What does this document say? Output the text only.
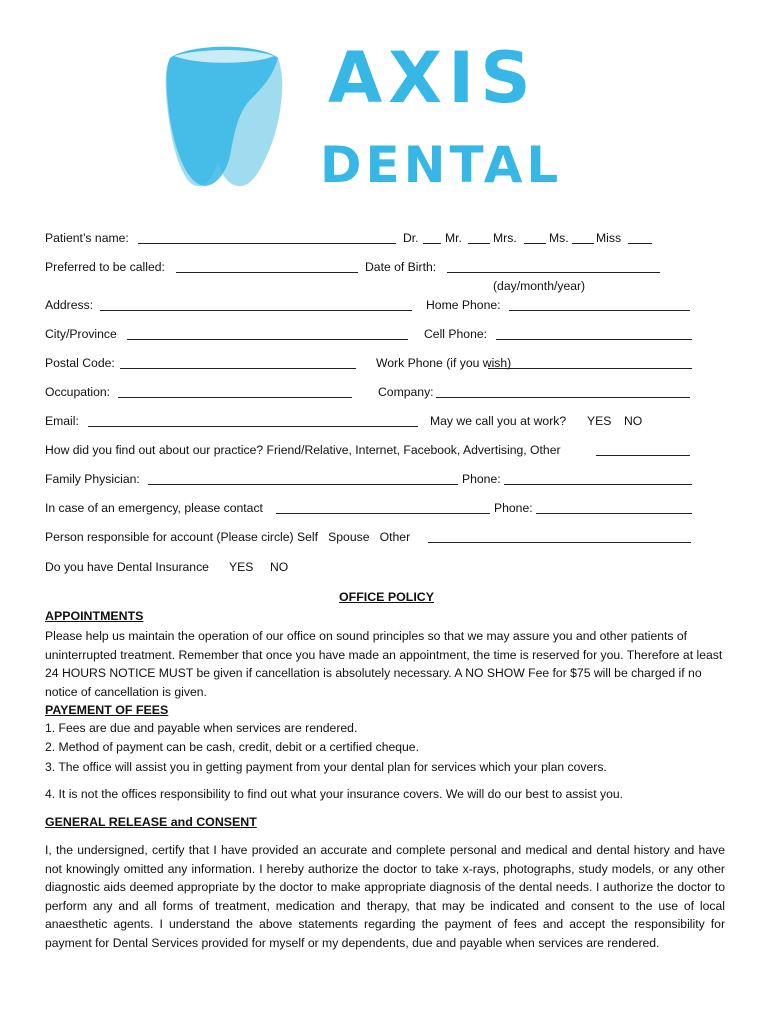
AXIS
DENTAL
Patient’s name:	Dr. Mr.	Mrs.	Ms. Miss
Preferred to be called:	Date of Birth:
(day/month/year)
Address:	Home Phone:
City/Province	Cell Phone:
Postal Code:	Work Phone (if you wish)
Occupation:	Company:
Email:	May we call you at work? YES NO
How did you find out about our practice? Friend/Relative, Internet, Facebook, Advertising, Other
Family Physician:	Phone:
In case of an emergency, please contact	Phone:
Person responsible for account (Please circle) Self   Spouse   Other
Do you have Dental Insurance YES NO
OFFICE POLICY
APPOINTMENTS
Please help us maintain the operation of our office on sound principles so that we may assure you and other patients of uninterrupted treatment. Remember that once you have made an appointment, the time is reserved for you. Therefore at least 24 HOURS NOTICE MUST be given if cancellation is absolutely necessary. A NO SHOW Fee for $75 will be charged if no notice of cancellation is given.
PAYEMENT OF FEES
1. Fees are due and payable when services are rendered.
2. Method of payment can be cash, credit, debit or a certified cheque.
3. The office will assist you in getting payment from your dental plan for services which your plan covers.
4. It is not the offices responsibility to find out what your insurance covers. We will do our best to assist you.
GENERAL RELEASE and CONSENT
I, the undersigned, certify that I have provided an accurate and complete personal and medical and dental history and have not knowingly omitted any information. I hereby authorize the doctor to take x-rays, photographs, study models, or any other diagnostic aids deemed appropriate by the doctor to make appropriate diagnosis of the dental needs. I authorize the doctor to perform any and all forms of treatment, medication and therapy, that may be indicated and consent to the use of local anaesthetic agents. I understand the above statements regarding the payment of fees and accept the responsibility for payment for Dental Services provided for myself or my dependents, due and payable when services are rendered.
